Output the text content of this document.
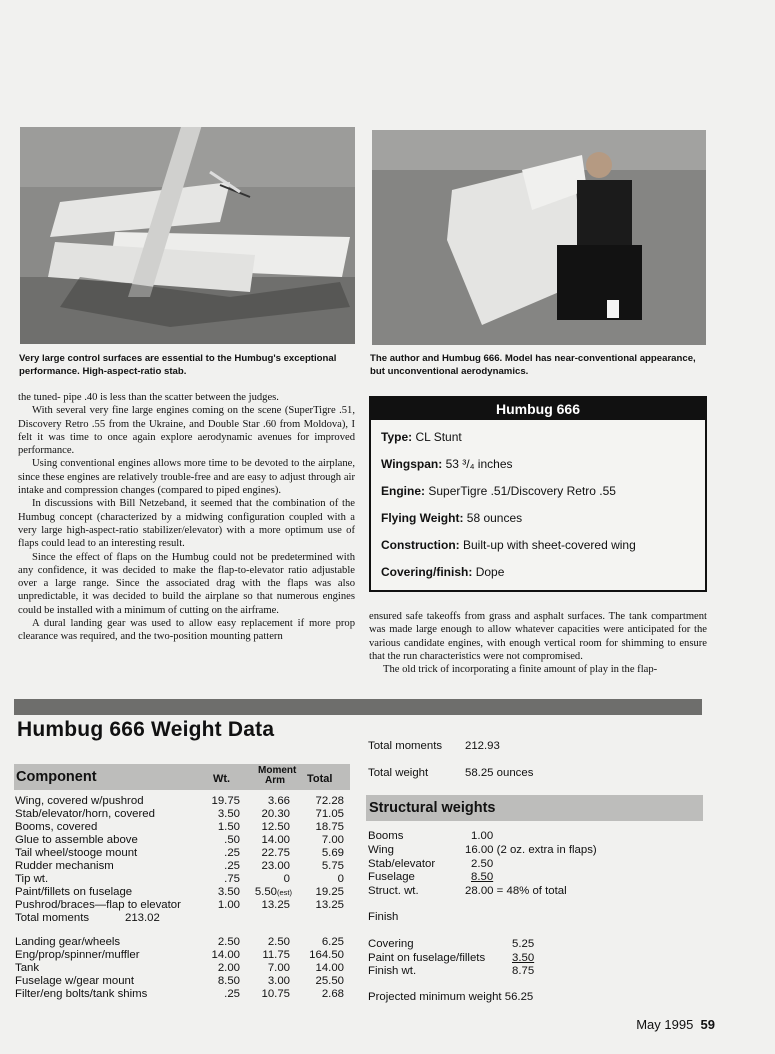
Very large control surfaces are essential to the Humbug's exceptional performance. High-aspect-ratio stab.
The author and Humbug 666. Model has near-conventional appearance, but unconventional aerodynamics.

the tuned- pipe .40 is less than the scatter between the judges.

With several very fine large engines coming on the scene (SuperTigre .51, Discovery Retro .55 from the Ukraine, and Double Star .60 from Moldova), I felt it was time to once again explore aerodynamic avenues for improved performance.

Using conventional engines allows more time to be devoted to the airplane, since these engines are relatively trouble-free and are easy to adjust through air intake and compression changes (compared to piped engines).

In discussions with Bill Netzeband, it seemed that the combination of the Humbug concept (characterized by a midwing configuration coupled with a very large high-aspect-ratio stabilizer/elevator) with a more optimum use of flaps could lead to an interesting result.

Since the effect of flaps on the Humbug could not be predetermined with any confidence, it was decided to make the flap-to-elevator ratio adjustable over a large range. Since the associated drag with the flaps was also unpredictable, it was decided to build the airplane so that numerous engines could be installed with a minimum of cutting on the airframe.

A dural landing gear was used to allow easy replacement if more prop clearance was required, and the two-position mounting pattern

Humbug 666
Type: CL Stunt
Wingspan: 53 ³/₄ inches
Engine: SuperTigre .51/Discovery Retro .55
Flying Weight: 58 ounces
Construction: Built-up with sheet-covered wing
Covering/finish: Dope

ensured safe takeoffs from grass and asphalt surfaces. The tank compartment was made large enough to allow whatever capacities were anticipated for the various candidate engines, with enough vertical room for shimming to ensure that the run characteristics were not compromised.

The old trick of incorporating a finite amount of play in the flap-

Humbug 666 Weight Data
Component	Wt.
Moment
Arm Total
Wing, covered w/pushrod	19.75 3.66 72.28
Stab/elevator/horn, covered	3.50 20.30 71.05
Booms, covered	1.50 12.50 18.75
Glue to assemble above	.50 14.00	7.00
Tail wheel/stooge mount	.25 22.75	5.69
Rudder mechanism	.25 23.00	5.75
Tip wt.	.75	0	0
Paint/fillets on fuselage	3.50 5.50(est) 19.25
Pushrod/braces—flap to elevator	1.00 13.25 13.25
Total moments	213.02
Landing gear/wheels	2.50 2.50	6.25
Eng/prop/spinner/muffler	14.00 11.75 164.50
Tank	2.00 7.00 14.00
Fuselage w/gear mount	8.50 3.00 25.50
Filter/eng bolts/tank shims	.25 10.75	2.68
Total moments 212.93
Total weight	58.25 ounces
Structural weights
Booms	1.00
Wing	16.00 (2 oz. extra in flaps)
Stab/elevator	2.50
Fuselage	8.50
Struct. wt.	28.00 = 48% of total
Finish
Covering	5.25
Paint on fuselage/fillets 3.50
Finish wt.	8.75
Projected minimum weight 56.25
May 1995 59
